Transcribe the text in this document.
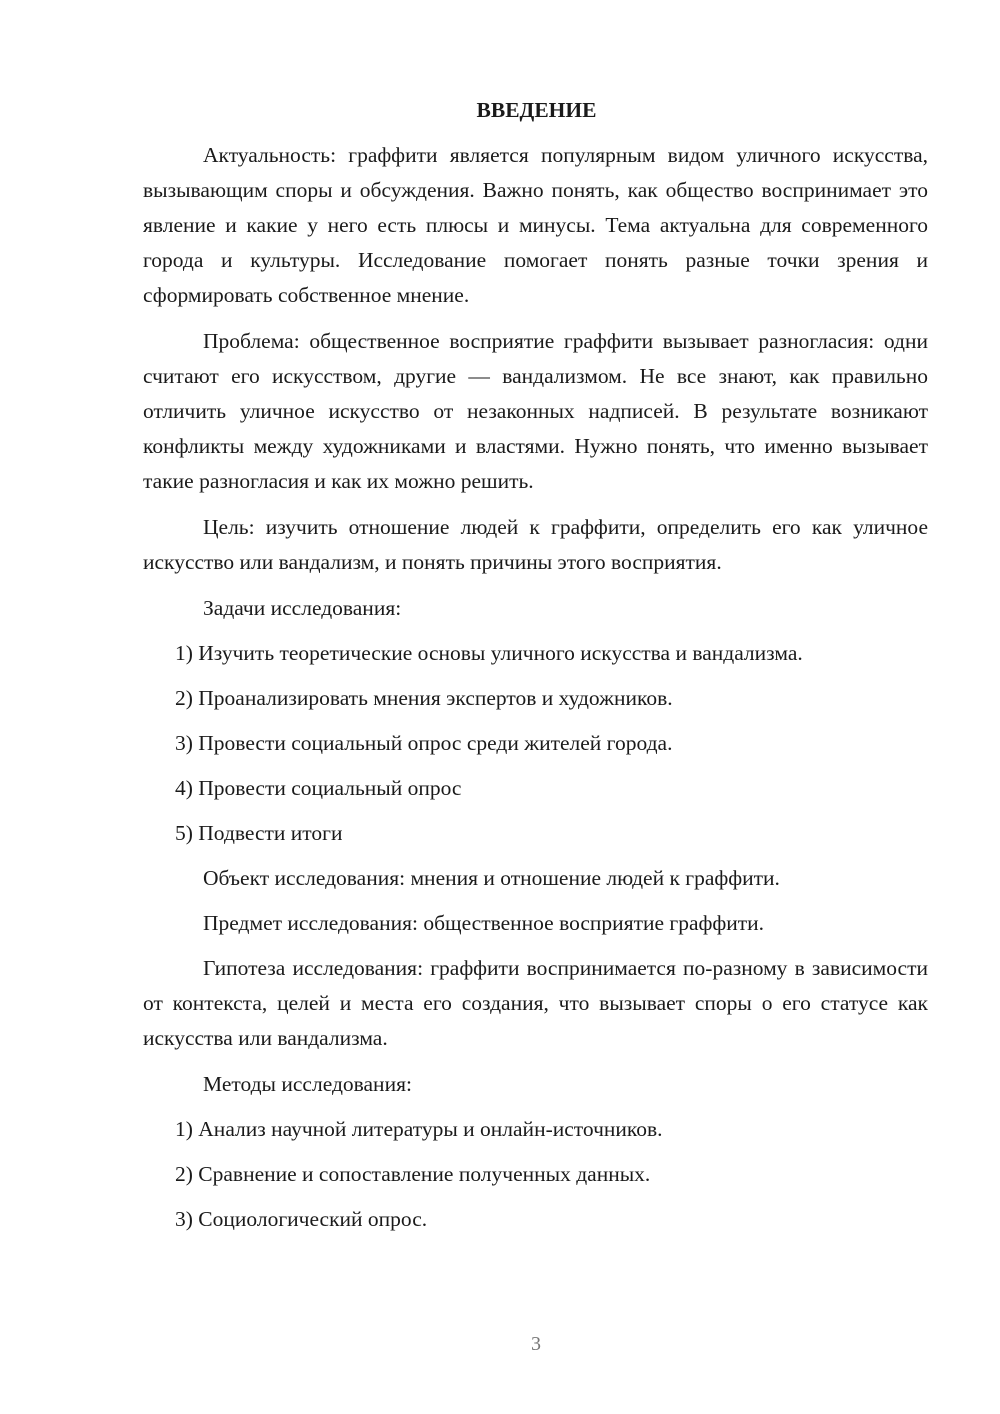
ВВЕДЕНИЕ

Актуальность: граффити является популярным видом уличного искусства, вызывающим споры и обсуждения. Важно понять, как общество воспринимает это явление и какие у него есть плюсы и минусы. Тема актуальна для современного города и культуры. Исследование помогает понять разные точки зрения и сформировать собственное мнение.

Проблема: общественное восприятие граффити вызывает разногласия: одни считают его искусством, другие — вандализмом. Не все знают, как правильно отличить уличное искусство от незаконных надписей. В результате возникают конфликты между художниками и властями. Нужно понять, что именно вызывает такие разногласия и как их можно решить.

Цель: изучить отношение людей к граффити, определить его как уличное искусство или вандализм, и понять причины этого восприятия.

Задачи исследования:
1) Изучить теоретические основы уличного искусства и вандализма.
2) Проанализировать мнения экспертов и художников.
3) Провести социальный опрос среди жителей города.
4) Провести социальный опрос
5) Подвести итоги
Объект исследования: мнения и отношение людей к граффити.
Предмет исследования: общественное восприятие граффити.

Гипотеза исследования: граффити воспринимается по-разному в зависимости от контекста, целей и места его создания, что вызывает споры о его статусе как искусства или вандализма.

Методы исследования:
1) Анализ научной литературы и онлайн-источников.
2) Сравнение и сопоставление полученных данных.
3) Социологический опрос.
3
